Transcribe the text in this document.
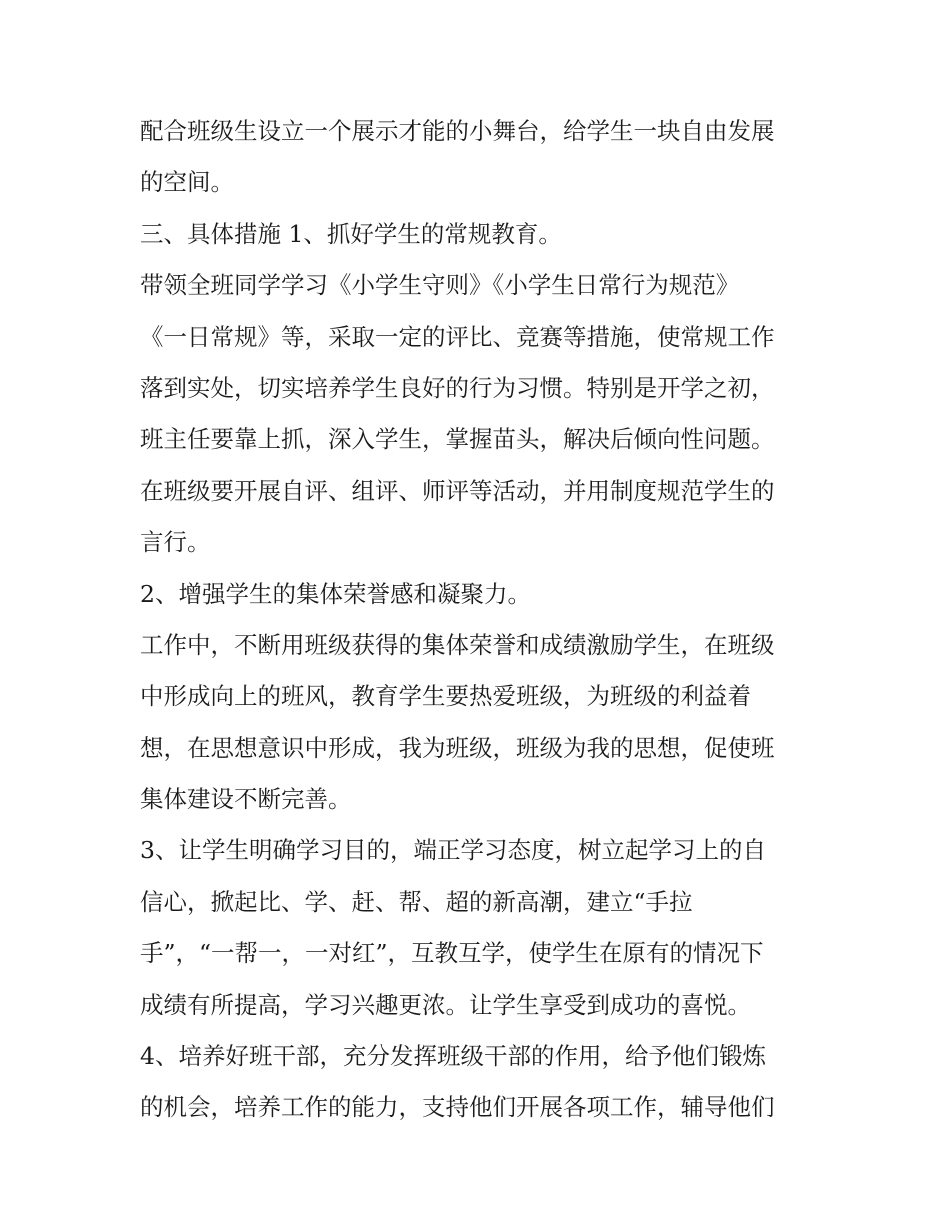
配合班级生设立一个展示才能的小舞台，给学生一块自由发展
的空间。
三、具体措施 1、抓好学生的常规教育。
带领全班同学学习《小学生守则》《小学生日常行为规范》
《一日常规》等，采取一定的评比、竞赛等措施，使常规工作
落到实处，切实培养学生良好的行为习惯。特别是开学之初，
班主任要靠上抓，深入学生，掌握苗头，解决后倾向性问题。
在班级要开展自评、组评、师评等活动，并用制度规范学生的
言行。
2、增强学生的集体荣誉感和凝聚力。
工作中，不断用班级获得的集体荣誉和成绩激励学生，在班级
中形成向上的班风，教育学生要热爱班级，为班级的利益着
想，在思想意识中形成，我为班级，班级为我的思想，促使班
集体建设不断完善。
3、让学生明确学习目的，端正学习态度，树立起学习上的自
信心，掀起比、学、赶、帮、超的新高潮，建立“手拉
手”，“一帮一，一对红”，互教互学，使学生在原有的情况下
成绩有所提高，学习兴趣更浓。让学生享受到成功的喜悦。
4、培养好班干部，充分发挥班级干部的作用，给予他们锻炼
的机会，培养工作的能力，支持他们开展各项工作，辅导他们
